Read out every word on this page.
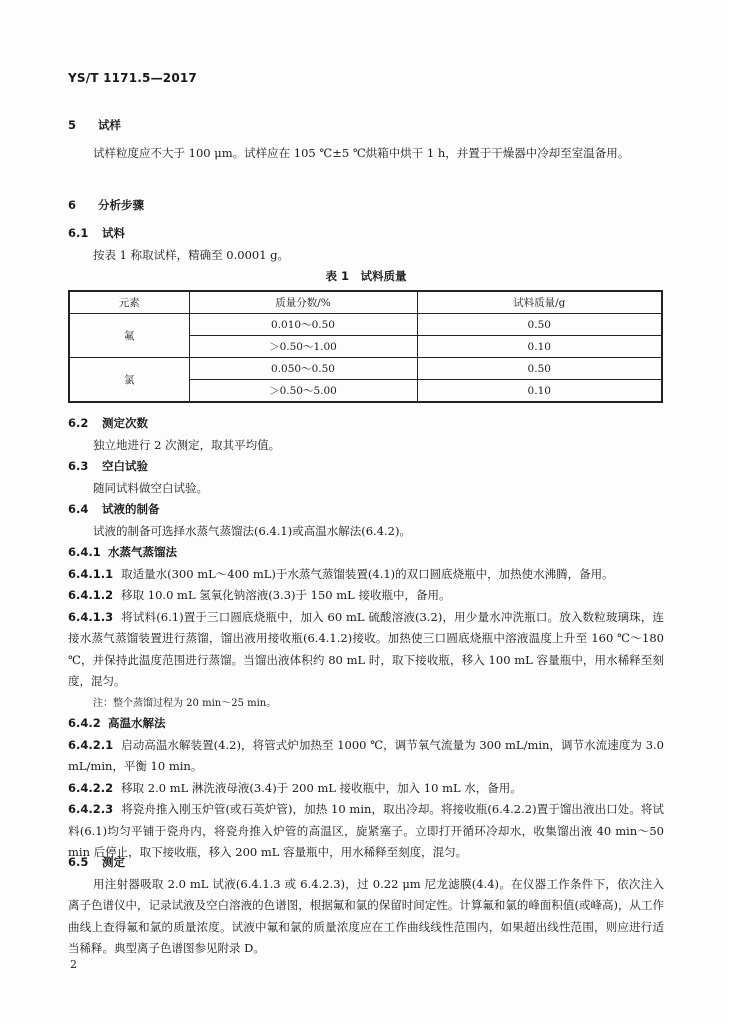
YS/T 1171.5—2017
5 试样
试样粒度应不大于 100 μm。试样应在 105 ℃±5 ℃烘箱中烘干 1 h，并置于干燥器中冷却至室温备用。
6 分析步骤
6.1 试料
按表 1 称取试样，精确至 0.0001 g。
表 1　试料质量
元素	质量分数/%	试料质量/g
氟	0.010～0.50	0.50
	＞0.50～1.00	0.10
氯	0.050～0.50	0.50
	＞0.50～5.00	0.10
6.2 测定次数
独立地进行 2 次测定，取其平均值。
6.3 空白试验
随同试料做空白试验。
6.4 试液的制备
试液的制备可选择水蒸气蒸馏法(6.4.1)或高温水解法(6.4.2)。
6.4.1 水蒸气蒸馏法
6.4.1.1 取适量水(300 mL～400 mL)于水蒸气蒸馏装置(4.1)的双口圆底烧瓶中，加热使水沸腾，备用。
6.4.1.2 移取 10.0 mL 氢氧化钠溶液(3.3)于 150 mL 接收瓶中，备用。
6.4.1.3 将试料(6.1)置于三口圆底烧瓶中，加入 60 mL 硫酸溶液(3.2)，用少量水冲洗瓶口。放入数粒玻璃珠，连接水蒸气蒸馏装置进行蒸馏，馏出液用接收瓶(6.4.1.2)接收。加热使三口圆底烧瓶中溶液温度上升至 160 ℃～180 ℃，并保持此温度范围进行蒸馏。当馏出液体积约 80 mL 时，取下接收瓶，移入 100 mL 容量瓶中，用水稀释至刻度，混匀。
注：整个蒸馏过程为 20 min～25 min。
6.4.2 高温水解法
6.4.2.1 启动高温水解装置(4.2)，将管式炉加热至 1000 ℃，调节氧气流量为 300 mL/min，调节水流速度为 3.0 mL/min，平衡 10 min。
6.4.2.2 移取 2.0 mL 淋洗液母液(3.4)于 200 mL 接收瓶中，加入 10 mL 水，备用。
6.4.2.3 将瓷舟推入刚玉炉管(或石英炉管)，加热 10 min，取出冷却。将接收瓶(6.4.2.2)置于馏出液出口处。将试料(6.1)均匀平铺于瓷舟内，将瓷舟推入炉管的高温区，旋紧塞子。立即打开循环冷却水，收集馏出液 40 min～50 min 后停止，取下接收瓶，移入 200 mL 容量瓶中，用水稀释至刻度，混匀。
6.5 测定
用注射器吸取 2.0 mL 试液(6.4.1.3 或 6.4.2.3)，过 0.22 μm 尼龙滤膜(4.4)。在仪器工作条件下，依次注入离子色谱仪中，记录试液及空白溶液的色谱图，根据氟和氯的保留时间定性。计算氟和氯的峰面积值(或峰高)，从工作曲线上查得氟和氯的质量浓度。试液中氟和氯的质量浓度应在工作曲线线性范围内，如果超出线性范围，则应进行适当稀释。典型离子色谱图参见附录 D。
2
